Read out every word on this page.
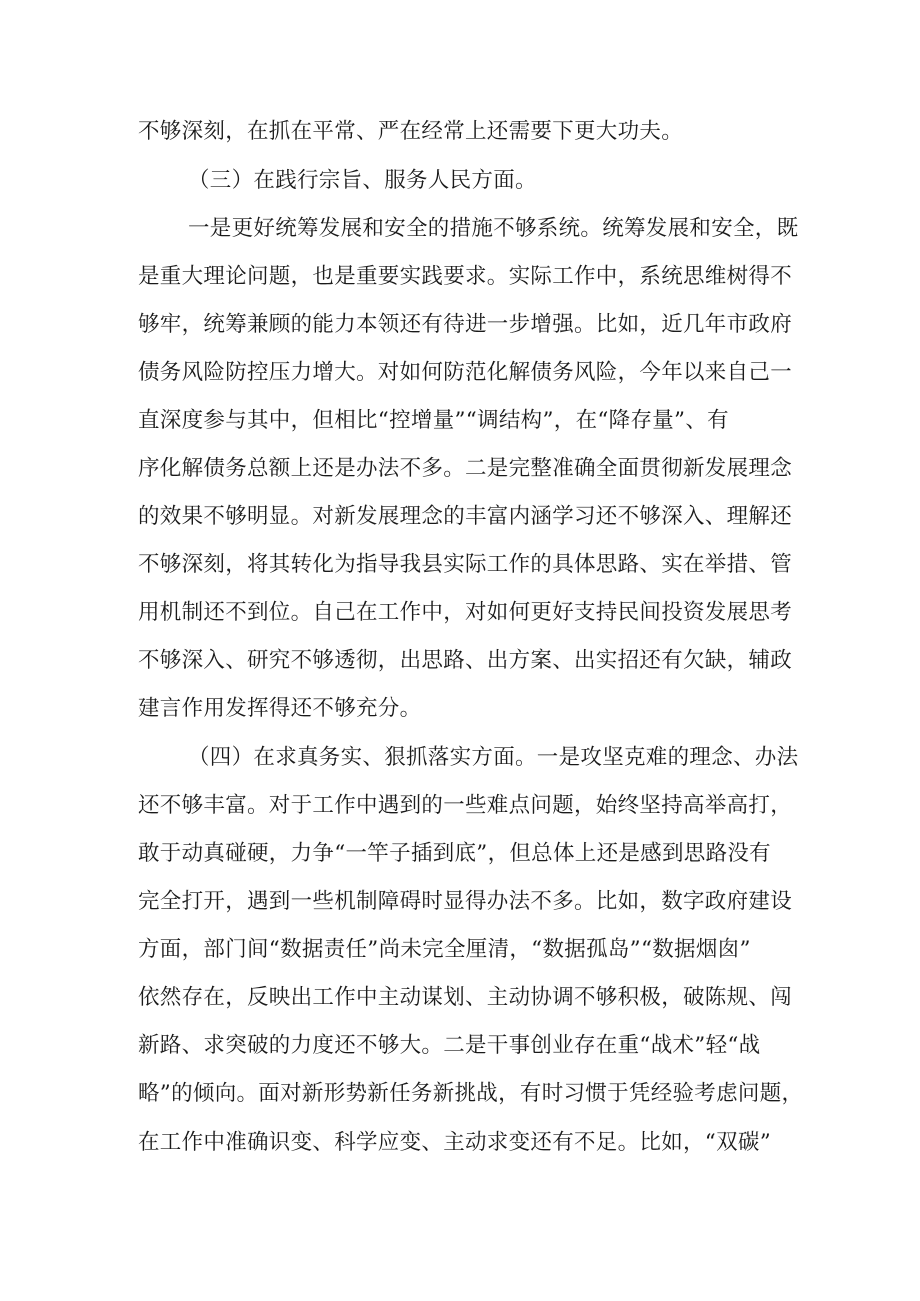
不够深刻，在抓在平常、严在经常上还需要下更大功夫。
（三）在践行宗旨、服务人民方面。
一是更好统筹发展和安全的措施不够系统。统筹发展和安全，既
是重大理论问题，也是重要实践要求。实际工作中，系统思维树得不
够牢，统筹兼顾的能力本领还有待进一步增强。比如，近几年市政府
债务风险防控压力增大。对如何防范化解债务风险，今年以来自己一
直深度参与其中，但相比“控增量”“调结构”，在“降存量”、有
序化解债务总额上还是办法不多。二是完整准确全面贯彻新发展理念
的效果不够明显。对新发展理念的丰富内涵学习还不够深入、理解还
不够深刻，将其转化为指导我县实际工作的具体思路、实在举措、管
用机制还不到位。自己在工作中，对如何更好支持民间投资发展思考
不够深入、研究不够透彻，出思路、出方案、出实招还有欠缺，辅政
建言作用发挥得还不够充分。
（四）在求真务实、狠抓落实方面。一是攻坚克难的理念、办法
还不够丰富。对于工作中遇到的一些难点问题，始终坚持高举高打，
敢于动真碰硬，力争“一竿子插到底”，但总体上还是感到思路没有
完全打开，遇到一些机制障碍时显得办法不多。比如，数字政府建设
方面，部门间“数据责任”尚未完全厘清，“数据孤岛”“数据烟囱”
依然存在，反映出工作中主动谋划、主动协调不够积极，破陈规、闯
新路、求突破的力度还不够大。二是干事创业存在重“战术”轻“战
略”的倾向。面对新形势新任务新挑战，有时习惯于凭经验考虑问题，
在工作中准确识变、科学应变、主动求变还有不足。比如，“双碳”
